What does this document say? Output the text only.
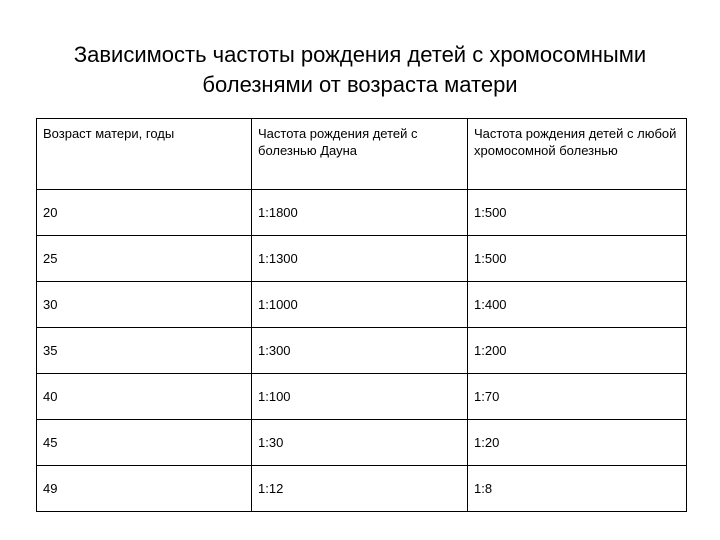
Зависимость частоты рождения детей с хромосомными
болезнями от возраста матери
Возраст матери, годы	Частота рождения детей с болезнью Дауна	Частота рождения детей с любой хромосомной болезнью
20	1:1800	1:500
25	1:1300	1:500
30	1:1000	1:400
35	1:300	1:200
40	1:100	1:70
45	1:30	1:20
49	1:12	1:8
